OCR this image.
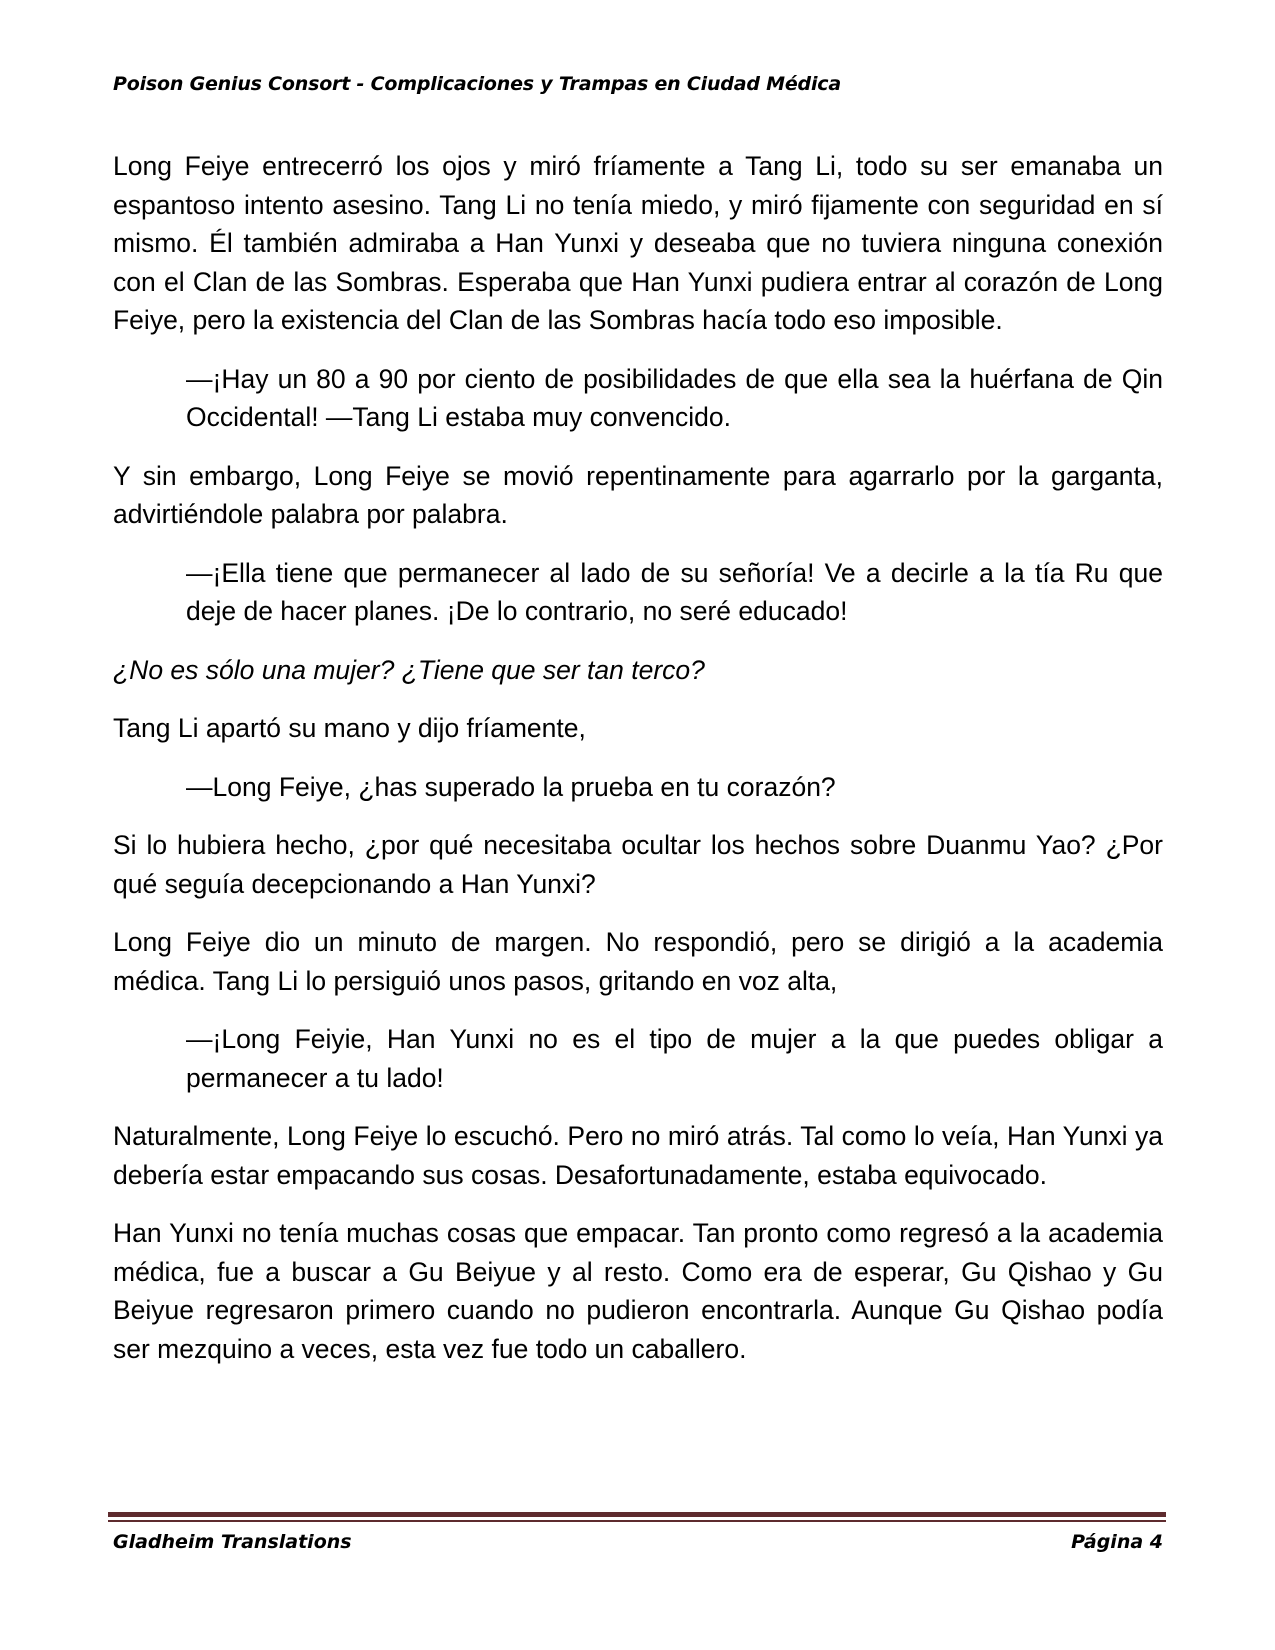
Poison Genius Consort - Complicaciones y Trampas en Ciudad Médica

Long Feiye entrecerró los ojos y miró fríamente a Tang Li, todo su ser emanaba un espantoso intento asesino. Tang Li no tenía miedo, y miró fijamente con seguridad en sí mismo. Él también admiraba a Han Yunxi y deseaba que no tuviera ninguna conexión con el Clan de las Sombras. Esperaba que Han Yunxi pudiera entrar al corazón de Long Feiye, pero la existencia del Clan de las Sombras hacía todo eso imposible.

—¡Hay un 80 a 90 por ciento de posibilidades de que ella sea la huérfana de Qin Occidental! —Tang Li estaba muy convencido.

Y sin embargo, Long Feiye se movió repentinamente para agarrarlo por la garganta, advirtiéndole palabra por palabra.

—¡Ella tiene que permanecer al lado de su señoría! Ve a decirle a la tía Ru que deje de hacer planes. ¡De lo contrario, no seré educado!

¿No es sólo una mujer? ¿Tiene que ser tan terco?

Tang Li apartó su mano y dijo fríamente,

—Long Feiye, ¿has superado la prueba en tu corazón?

Si lo hubiera hecho, ¿por qué necesitaba ocultar los hechos sobre Duanmu Yao? ¿Por qué seguía decepcionando a Han Yunxi?

Long Feiye dio un minuto de margen. No respondió, pero se dirigió a la academia médica. Tang Li lo persiguió unos pasos, gritando en voz alta,

—¡Long Feiyie, Han Yunxi no es el tipo de mujer a la que puedes obligar a permanecer a tu lado!

Naturalmente, Long Feiye lo escuchó. Pero no miró atrás. Tal como lo veía, Han Yunxi ya debería estar empacando sus cosas. Desafortunadamente, estaba equivocado.

Han Yunxi no tenía muchas cosas que empacar. Tan pronto como regresó a la academia médica, fue a buscar a Gu Beiyue y al resto. Como era de esperar, Gu Qishao y Gu Beiyue regresaron primero cuando no pudieron encontrarla. Aunque Gu Qishao podía ser mezquino a veces, esta vez fue todo un caballero.

Gladheim Translations	Página 4
